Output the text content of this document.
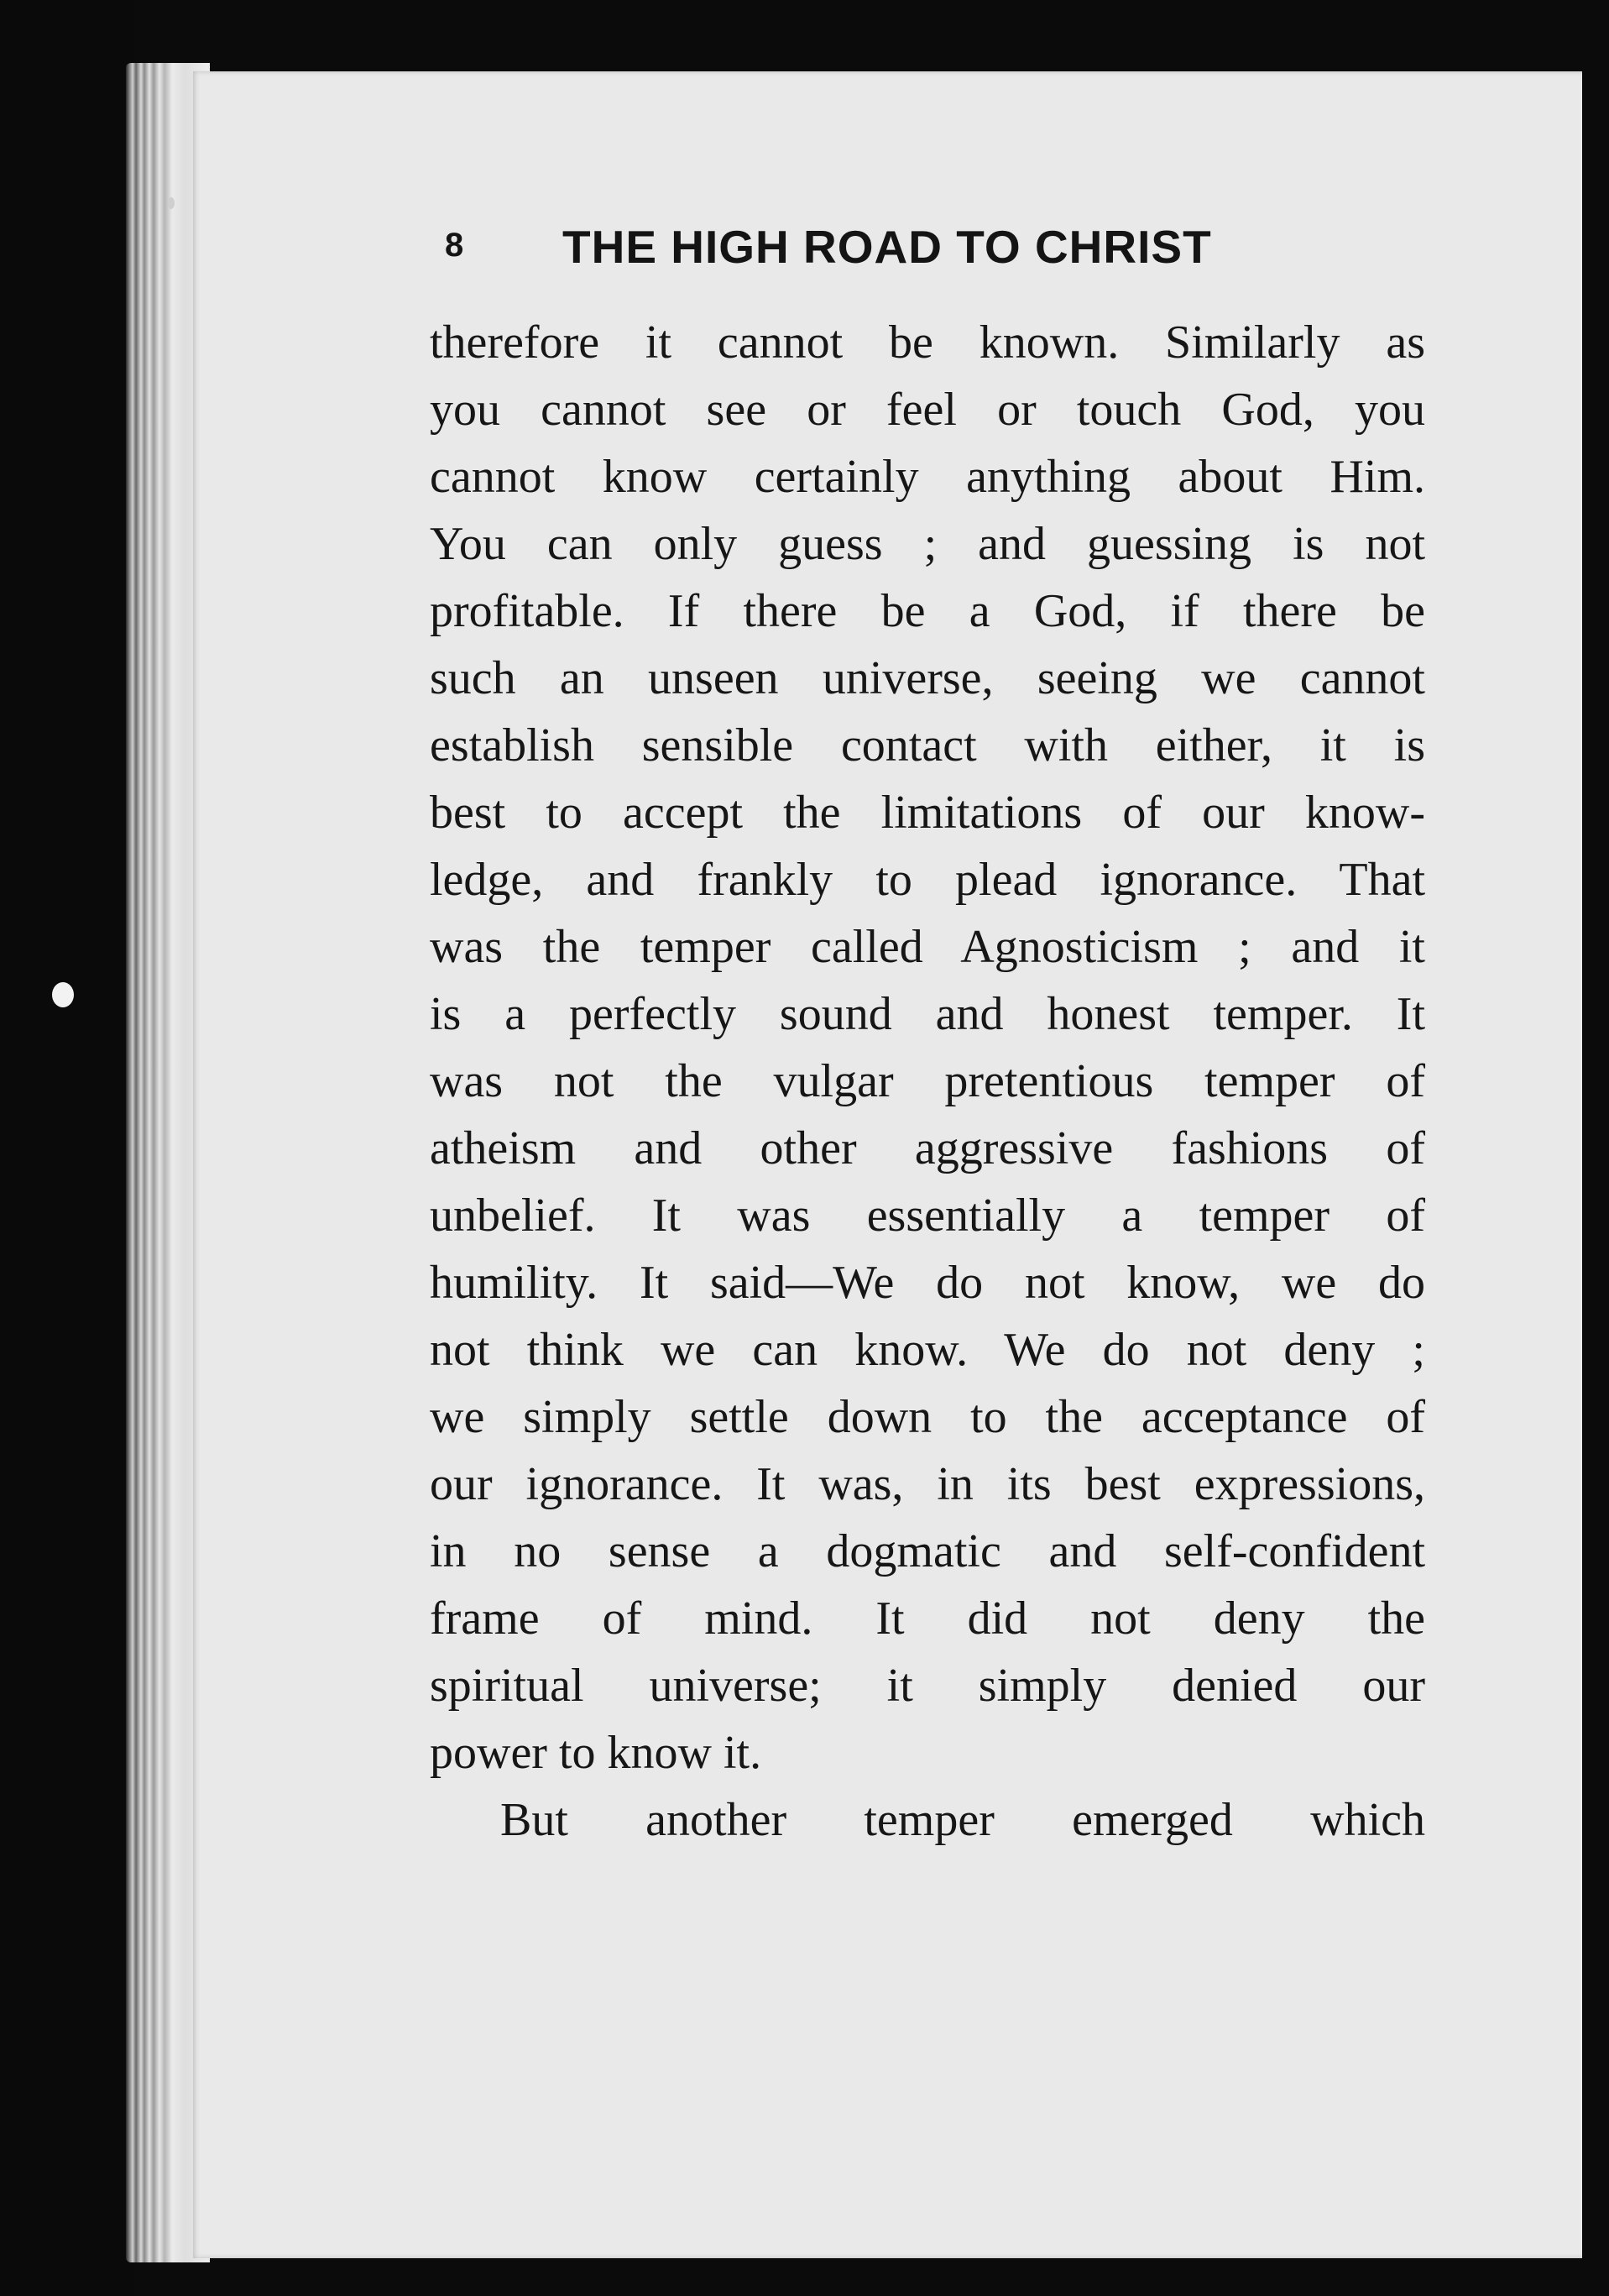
8 THE HIGH ROAD TO CHRIST
therefore it cannot be known. Similarly as
you cannot see or feel or touch God, you
cannot know certainly anything about Him.
You can only guess ; and guessing is not
profitable. If there be a God, if there be
such an unseen universe, seeing we cannot
establish sensible contact with either, it is
best to accept the limitations of our know-
ledge, and frankly to plead ignorance. That
was the temper called Agnosticism ; and it
is a perfectly sound and honest temper. It
was not the vulgar pretentious temper of
atheism and other aggressive fashions of
unbelief. It was essentially a temper of
humility. It said—We do not know, we do
not think we can know. We do not deny ;
we simply settle down to the acceptance of
our ignorance. It was, in its best expressions,
in no sense a dogmatic and self-confident
frame of mind. It did not deny the
spiritual universe; it simply denied our
power to know it.
But another temper emerged which
